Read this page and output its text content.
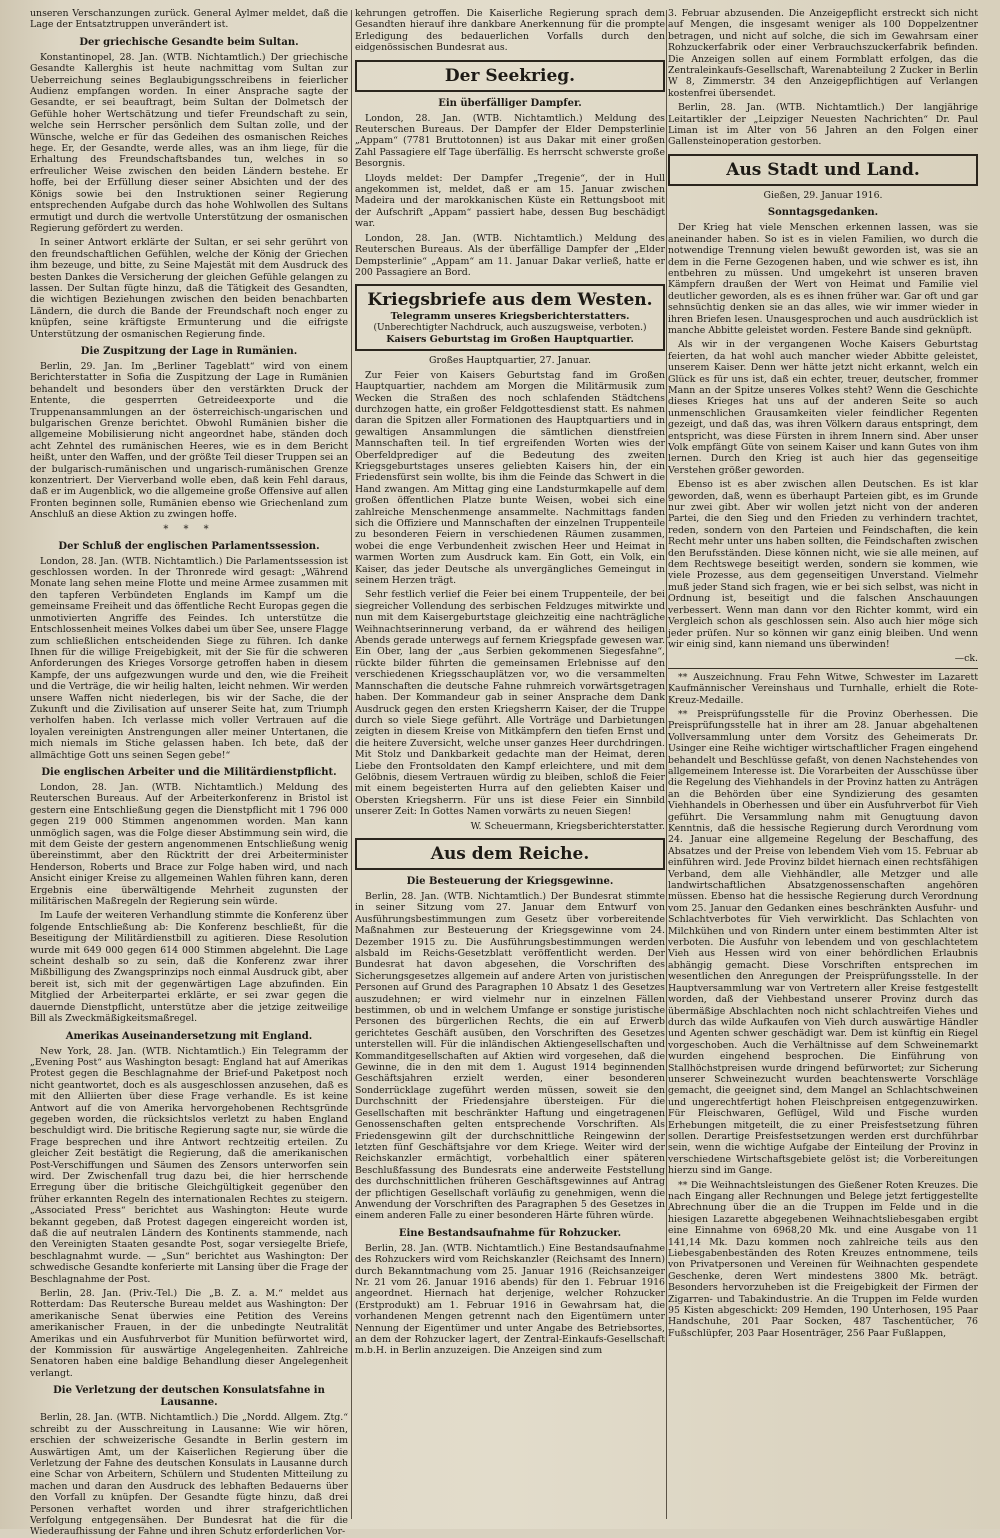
unseren Verschanzungen zurück. General Aylmer meldet, daß die Lage der Entsatztruppen unverändert ist.

Der griechische Gesandte beim Sultan.

Konstantinopel, 28. Jan. (WTB. Nichtamtlich.) Der griechische Gesandte Kallerghis ist heute nachmittag vom Sultan zur Ueberreichung seines Beglaubigungsschreibens in feierlicher Audienz empfangen worden. In einer Ansprache sagte der Gesandte, er sei beauftragt, beim Sultan der Dolmetsch der Gefühle hoher Wertschätzung und tiefer Freundschaft zu sein, welche sein Herrscher persönlich dem Sultan zolle, und der Wünsche, welche er für das Gedeihen des osmanischen Reiches hege. Er, der Gesandte, werde alles, was an ihm liege, für die Erhaltung des Freundschaftsbandes tun, welches in so erfreulicher Weise zwischen den beiden Ländern bestehe. Er hoffe, bei der Erfüllung dieser seiner Absichten und der des Königs sowie bei den Instruktionen seiner Regierung entsprechenden Aufgabe durch das hohe Wohlwollen des Sultans ermutigt und durch die wertvolle Unterstützung der osmanischen Regierung gefördert zu werden.

In seiner Antwort erklärte der Sultan, er sei sehr gerührt von den freundschaftlichen Gefühlen, welche der König der Griechen ihm bezeuge, und bitte, zu Seine Majestät mit dem Ausdruck des besten Dankes die Versicherung der gleichen Gefühle gelangen zu lassen. Der Sultan fügte hinzu, daß die Tätigkeit des Gesandten, die wichtigen Beziehungen zwischen den beiden benachbarten Ländern, die durch die Bande der Freundschaft noch enger zu knüpfen, seine kräftigste Ermunterung und die eifrigste Unterstützung der osmanischen Regierung finde.

Die Zuspitzung der Lage in Rumänien.

Berlin, 29. Jan. Im „Berliner Tageblatt“ wird von einem Berichterstatter in Sofia die Zuspitzung der Lage in Rumänien behandelt und besonders über den verstärkten Druck der Entente, die gesperrten Getreideexporte und die Truppenansammlungen an der österreichisch-ungarischen und bulgarischen Grenze berichtet. Obwohl Rumänien bisher die allgemeine Mobilisierung nicht angeordnet habe, ständen doch acht Zehntel des rumänischen Heeres, wie es in dem Bericht heißt, unter den Waffen, und der größte Teil dieser Truppen sei an der bulgarisch-rumänischen und ungarisch-rumänischen Grenze konzentriert. Der Vierverband wolle eben, daß kein Fehl daraus, daß er im Augenblick, wo die allgemeine große Offensive auf allen Fronten beginnen solle, Rumänien ebenso wie Griechenland zum Anschluß an diese Aktion zu zwingen hoffe.

* * *
Der Schluß der englischen Parlamentssession.

London, 28. Jan. (WTB. Nichtamtlich.) Die Parlamentssession ist geschlossen worden. In der Thronrede wird gesagt: „Während Monate lang sehen meine Flotte und meine Armee zusammen mit den tapferen Verbündeten Englands im Kampf um die gemeinsame Freiheit und das öffentliche Recht Europas gegen die unmotivierten Angriffe des Feindes. Ich unterstütze die Entschlossenheit meines Volkes dabei um über See, unsere Flagge zum schließlichen entscheidenden Siege zu führen. Ich danke Ihnen für die willige Freigebigkeit, mit der Sie für die schweren Anforderungen des Krieges Vorsorge getroffen haben in diesem Kampfe, der uns aufgezwungen wurde und den, wie die Freiheit und die Verträge, die wir heilig halten, leicht nehmen. Wir werden unsere Waffen nicht niederlegen, bis wir der Sache, die der Zukunft und die Zivilisation auf unserer Seite hat, zum Triumph verholfen haben. Ich verlasse mich voller Vertrauen auf die loyalen vereinigten Anstrengungen aller meiner Untertanen, die mich niemals im Stiche gelassen haben. Ich bete, daß der allmächtige Gott uns seinen Segen gebe!“

Die englischen Arbeiter und die Militärdienstpflicht.

London, 28. Jan. (WTB. Nichtamtlich.) Meldung des Reuterschen Bureaus. Auf der Arbeiterkonferenz in Bristol ist gestern eine Entschließung gegen die Dienstpflicht mit 1 796 000 gegen 219 000 Stimmen angenommen worden. Man kann unmöglich sagen, was die Folge dieser Abstimmung sein wird, die mit dem Geiste der gestern angenommenen Entschließung wenig übereinstimmt, aber den Rücktritt der drei Arbeiterminister Henderson, Roberts und Brace zur Folge haben wird, und nach Ansicht einiger Kreise zu allgemeinen Wahlen führen kann, deren Ergebnis eine überwältigende Mehrheit zugunsten der militärischen Maßregeln der Regierung sein würde.

Im Laufe der weiteren Verhandlung stimmte die Konferenz über folgende Entschließung ab: Die Konferenz beschließt, für die Beseitigung der Militärdienstbill zu agitieren. Diese Resolution wurde mit 649 000 gegen 614 000 Stimmen abgelehnt. Die Lage scheint deshalb so zu sein, daß die Konferenz zwar ihrer Mißbilligung des Zwangsprinzips noch einmal Ausdruck gibt, aber bereit ist, sich mit der gegenwärtigen Lage abzufinden. Ein Mitglied der Arbeiterpartei erklärte, er sei zwar gegen die dauernde Dienstpflicht, unterstütze aber die jetzige zeitweilige Bill als Zweckmäßigkeitsmaßregel.

Amerikas Auseinandersetzung mit England.

New York, 28. Jan. (WTB. Nichtamtlich.) Ein Telegramm der „Evening Post“ aus Washington besagt: England hat auf Amerikas Protest gegen die Beschlagnahme der Brief-und Paketpost noch nicht geantwortet, doch es als ausgeschlossen anzusehen, daß es mit den Alliierten über diese Frage verhandle. Es ist keine Antwort auf die von Amerika hervorgehobenen Rechtsgründe gegeben worden, die rücksichtslos verletzt zu haben England beschuldigt wird. Die britische Regierung sagte nur, sie würde die Frage besprechen und ihre Antwort rechtzeitig erteilen. Zu gleicher Zeit bestätigt die Regierung, daß die amerikanischen Post-Verschiffungen und Säumen des Zensors unterworfen sein wird. Der Zwischenfall trug dazu bei, die hier herrschende Erregung über die britische Gleichgültigkeit gegenüber den früher erkannten Regeln des internationalen Rechtes zu steigern. „Associated Press“ berichtet aus Washington: Heute wurde bekannt gegeben, daß Protest dagegen eingereicht worden ist, daß die auf neutralen Ländern des Kontinents stammende, nach den Vereinigten Staaten gesandte Post, sogar versiegelte Briefe, beschlagnahmt wurde. — „Sun“ berichtet aus Washington: Der schwedische Gesandte konferierte mit Lansing über die Frage der Beschlagnahme der Post.

Berlin, 28. Jan. (Priv.-Tel.) Die „B. Z. a. M.“ meldet aus Rotterdam: Das Reutersche Bureau meldet aus Washington: Der amerikanische Senat überwies eine Petition des Vereins amerikanischer Frauen, in der die unbedingte Neutralität Amerikas und ein Ausfuhrverbot für Munition befürwortet wird, der Kommission für auswärtige Angelegenheiten. Zahlreiche Senatoren haben eine baldige Behandlung dieser Angelegenheit verlangt.

Die Verletzung der deutschen Konsulatsfahne in Lausanne.

Berlin, 28. Jan. (WTB. Nichtamtlich.) Die „Nordd. Allgem. Ztg.“ schreibt zu der Ausschreitung in Lausanne: Wie wir hören, erschien der schweizerische Gesandte in Berlin gestern im Auswärtigen Amt, um der Kaiserlichen Regierung über die Verletzung der Fahne des deutschen Konsulats in Lausanne durch eine Schar von Arbeitern, Schülern und Studenten Mitteilung zu machen und daran den Ausdruck des lebhaften Bedauerns über den Vorfall zu knüpfen. Der Gesandte fügte hinzu, daß drei Personen verhaftet worden und ihrer strafgerichtlichen Verfolgung entgegensähen. Der Bundesrat hat die für die Wiederaufhissung der Fahne und ihren Schutz erforderlichen Vor-

kehrungen getroffen. Die Kaiserliche Regierung sprach dem Gesandten hierauf ihre dankbare Anerkennung für die prompte Erledigung des bedauerlichen Vorfalls durch den eidgenössischen Bundesrat aus.

Der Seekrieg.
Ein überfälliger Dampfer.

London, 28. Jan. (WTB. Nichtamtlich.) Meldung des Reuterschen Bureaus. Der Dampfer der Elder Dempsterlinie „Appam“ (7781 Bruttotonnen) ist aus Dakar mit einer großen Zahl Passagiere elf Tage überfällig. Es herrscht schwerste große Besorgnis.

Lloyds meldet: Der Dampfer „Tregenie“, der in Hull angekommen ist, meldet, daß er am 15. Januar zwischen Madeira und der marokkanischen Küste ein Rettungsboot mit der Aufschrift „Appam“ passiert habe, dessen Bug beschädigt war.

London, 28. Jan. (WTB. Nichtamtlich.) Meldung des Reuterschen Bureaus. Als der überfällige Dampfer der „Elder Dempsterlinie“ „Appam“ am 11. Januar Dakar verließ, hatte er 200 Passagiere an Bord.

Kriegsbriefe aus dem Westen.
Telegramm unseres Kriegsberichterstatters.
(Unberechtigter Nachdruck, auch auszugsweise, verboten.)
Kaisers Geburtstag im Großen Hauptquartier.
Großes Hauptquartier, 27. Januar.

Zur Feier von Kaisers Geburtstag fand im Großen Hauptquartier, nachdem am Morgen die Militärmusik zum Wecken die Straßen des noch schlafenden Städtchens durchzogen hatte, ein großer Feldgottesdienst statt. Es nahmen daran die Spitzen aller Formationen des Hauptquartiers und in gewaltigen Ansammlungen die sämtlichen dienstfreien Mannschaften teil. In tief ergreifenden Worten wies der Oberfeldprediger auf die Bedeutung des zweiten Kriegsgeburtstages unseres geliebten Kaisers hin, der ein Friedensfürst sein wollte, bis ihm die Feinde das Schwert in die Hand zwangen. Am Mittag ging eine Landsturmkapelle auf dem großen öffentlichen Platze bunte Weisen, wobei sich eine zahlreiche Menschenmenge ansammelte. Nachmittags fanden sich die Offiziere und Mannschaften der einzelnen Truppenteile zu besonderen Feiern in verschiedenen Räumen zusammen, wobei die enge Verbundenheit zwischen Heer und Heimat in warmen Worten zum Ausdruck kam. Ein Gott, ein Volk, ein Kaiser, das jeder Deutsche als unvergängliches Gemeingut in seinem Herzen trägt.

Sehr festlich verlief die Feier bei einem Truppenteile, der bei siegreicher Vollendung des serbischen Feldzuges mitwirkte und nun mit dem Kaisergeburtstage gleichzeitig eine nachträgliche Weihnachtserinnerung verband, da er während des heiligen Abends gerade unterwegs auf fernem Kriegspfade gewesen war. Ein Ober, lang der „aus Serbien gekommenen Siegesfahne“, rückte bilder führten die gemeinsamen Erlebnisse auf den verschiedenen Kriegsschauplätzen vor, wo die versammelten Mannschaften die deutsche Fahne ruhmreich vorwärtsgetragen haben. Der Kommandeur gab in seiner Ansprache dem Dank Ausdruck gegen den ersten Kriegsherrn Kaiser, der die Truppe durch so viele Siege geführt. Alle Vorträge und Darbietungen zeigten in diesem Kreise von Mitkämpfern den tiefen Ernst und die heitere Zuversicht, welche unser ganzes Heer durchdringen. Mit Stolz und Dankbarkeit gedachte man der Heimat, deren Liebe den Frontsoldaten den Kampf erleichtere, und mit dem Gelöbnis, diesem Vertrauen würdig zu bleiben, schloß die Feier mit einem begeisterten Hurra auf den geliebten Kaiser und Obersten Kriegsherrn. Für uns ist diese Feier ein Sinnbild unserer Zeit: In Gottes Namen vorwärts zu neuen Siegen!

W. Scheuermann, Kriegsberichterstatter.
Aus dem Reiche.
Die Besteuerung der Kriegsgewinne.

Berlin, 28. Jan. (WTB. Nichtamtlich.) Der Bundesrat stimmte in seiner Sitzung vom 27. Januar dem Entwurf von Ausführungsbestimmungen zum Gesetz über vorbereitende Maßnahmen zur Besteuerung der Kriegsgewinne vom 24. Dezember 1915 zu. Die Ausführungsbestimmungen werden alsbald im Reichs-Gesetzblatt veröffentlicht werden. Der Bundesrat hat davon abgesehen, die Vorschriften des Sicherungsgesetzes allgemein auf andere Arten von juristischen Personen auf Grund des Paragraphen 10 Absatz 1 des Gesetzes auszudehnen; er wird vielmehr nur in einzelnen Fällen bestimmen, ob und in welchem Umfange er sonstige juristische Personen des bürgerlichen Rechts, die ein auf Erwerb gerichtetes Geschäft ausüben, den Vorschriften des Gesetzes unterstellen will. Für die inländischen Aktiengesellschaften und Kommanditgesellschaften auf Aktien wird vorgesehen, daß die Gewinne, die in den mit dem 1. August 1914 beginnenden Geschäftsjahren erzielt werden, einer besonderen Sonderrücklage zugeführt werden müssen, soweit sie den Durchschnitt der Friedensjahre übersteigen. Für die Gesellschaften mit beschränkter Haftung und eingetragenen Genossenschaften gelten entsprechende Vorschriften. Als Friedensgewinn gilt der durchschnittliche Reingewinn der letzten fünf Geschäftsjahre vor dem Kriege. Weiter wird der Reichskanzler ermächtigt, vorbehaltlich einer späteren Beschlußfassung des Bundesrats eine anderweite Feststellung des durchschnittlichen früheren Geschäftsgewinnes auf Antrag der pflichtigen Gesellschaft vorläufig zu genehmigen, wenn die Anwendung der Vorschriften des Paragraphen 5 des Gesetzes in einem anderen Falle zu einer besonderen Härte führen würde.

Eine Bestandsaufnahme für Rohzucker.

Berlin, 28. Jan. (WTB. Nichtamtlich.) Eine Bestandsaufnahme des Rohzuckers wird vom Reichskanzler (Reichsamt des Innern) durch Bekanntmachung vom 25. Januar 1916 (Reichsanzeiger Nr. 21 vom 26. Januar 1916 abends) für den 1. Februar 1916 angeordnet. Hiernach hat derjenige, welcher Rohzucker (Erstprodukt) am 1. Februar 1916 in Gewahrsam hat, die vorhandenen Mengen getrennt nach den Eigentümern unter Nennung der Eigentümer und unter Angabe des Betriebsortes, an dem der Rohzucker lagert, der Zentral-Einkaufs-Gesellschaft m.b.H. in Berlin anzuzeigen. Die Anzeigen sind zum

3. Februar abzusenden. Die Anzeigepflicht erstreckt sich nicht auf Mengen, die insgesamt weniger als 100 Doppelzentner betragen, und nicht auf solche, die sich im Gewahrsam einer Rohzuckerfabrik oder einer Verbrauchszuckerfabrik befinden. Die Anzeigen sollen auf einem Formblatt erfolgen, das die Zentraleinkaufs-Gesellschaft, Warenabteilung 2 Zucker in Berlin W 8, Zimmerstr. 34 den Anzeigepflichtigen auf Verlangen kostenfrei übersendet.

Berlin, 28. Jan. (WTB. Nichtamtlich.) Der langjährige Leitartikler der „Leipziger Neuesten Nachrichten“ Dr. Paul Liman ist im Alter von 56 Jahren an den Folgen einer Gallensteinoperation gestorben.

Aus Stadt und Land.
Gießen, 29. Januar 1916.
Sonntagsgedanken.

Der Krieg hat viele Menschen erkennen lassen, was sie aneinander haben. So ist es in vielen Familien, wo durch die notwendige Trennung vielen bewußt geworden ist, was sie an dem in die Ferne Gezogenen haben, und wie schwer es ist, ihn entbehren zu müssen. Und umgekehrt ist unseren braven Kämpfern draußen der Wert von Heimat und Familie viel deutlicher geworden, als es es ihnen früher war. Gar oft und gar sehnsüchtig denken sie an das alles, wie wir immer wieder in ihren Briefen lesen. Unausgesprochen und auch ausdrücklich ist manche Abbitte geleistet worden. Festere Bande sind geknüpft.

Als wir in der vergangenen Woche Kaisers Geburtstag feierten, da hat wohl auch mancher wieder Abbitte geleistet, unserem Kaiser. Denn wer hätte jetzt nicht erkannt, welch ein Glück es für uns ist, daß ein echter, treuer, deutscher, frommer Mann an der Spitze unseres Volkes steht? Wenn die Geschichte dieses Krieges hat uns auf der anderen Seite so auch unmenschlichen Grausamkeiten vieler feindlicher Regenten gezeigt, und daß das, was ihren Völkern daraus entspringt, dem entspricht, was diese Fürsten in ihrem Innern sind. Aber unser Volk empfängt Güte von seinem Kaiser und kann Gutes von ihm lernen. Durch den Krieg ist auch hier das gegenseitige Verstehen größer geworden.

Ebenso ist es aber zwischen allen Deutschen. Es ist klar geworden, daß, wenn es überhaupt Parteien gibt, es im Grunde nur zwei gibt. Aber wir wollen jetzt nicht von der anderen Partei, die den Sieg und den Frieden zu verhindern trachtet, reden, sondern von den Parteien und Feindschaften, die kein Recht mehr unter uns haben sollten, die Feindschaften zwischen den Berufsständen. Diese können nicht, wie sie alle meinen, auf dem Rechtswege beseitigt werden, sondern sie kommen, wie viele Prozesse, aus dem gegenseitigen Unverstand. Vielmehr muß jeder Stand sich fragen, wie er bei sich selbst, was nicht in Ordnung ist, beseitigt und die falschen Anschauungen verbessert. Wenn man dann vor den Richter kommt, wird ein Vergleich schon als geschlossen sein. Also auch hier möge sich jeder prüfen. Nur so können wir ganz einig bleiben. Und wenn wir einig sind, kann niemand uns überwinden!

—ck.

** Auszeichnung. Frau Fehn Witwe, Schwester im Lazarett Kaufmännischer Vereinshaus und Turnhalle, erhielt die Rote-Kreuz-Medaille.

** Preisprüfungsstelle für die Provinz Oberhessen. Die Preisprüfungsstelle hat in ihrer am 28. Januar abgehaltenen Vollversammlung unter dem Vorsitz des Geheimerats Dr. Usinger eine Reihe wichtiger wirtschaftlicher Fragen eingehend behandelt und Beschlüsse gefaßt, von denen Nachstehendes von allgemeinem Interesse ist. Die Vorarbeiten der Ausschüsse über die Regelung des Viehhandels in der Provinz hatten zu Anträgen an die Behörden über eine Syndizierung des gesamten Viehhandels in Oberhessen und über ein Ausfuhrverbot für Vieh geführt. Die Versammlung nahm mit Genugtuung davon Kenntnis, daß die hessische Regierung durch Verordnung vom 24. Januar eine allgemeine Regelung der Beschaffung, des Absatzes und der Preise von lebendem Vieh vom 15. Februar ab einführen wird. Jede Provinz bildet hiernach einen rechtsfähigen Verband, dem alle Viehhändler, alle Metzger und alle landwirtschaftlichen Absatzgenossenschaften angehören müssen. Ebenso hat die hessische Regierung durch Verordnung vom 25. Januar den Gedanken eines beschränkten Ausfuhr- und Schlachtverbotes für Vieh verwirklicht. Das Schlachten von Milchkühen und von Rindern unter einem bestimmten Alter ist verboten. Die Ausfuhr von lebendem und von geschlachtetem Vieh aus Hessen wird von einer behördlichen Erlaubnis abhängig gemacht. Diese Vorschriften entsprechen im wesentlichen den Anregungen der Preisprüfungsstelle. In der Hauptversammlung war von Vertretern aller Kreise festgestellt worden, daß der Viehbestand unserer Provinz durch das übermäßige Abschlachten noch nicht schlachtreifen Viehes und durch das wilde Aufkaufen von Vieh durch auswärtige Händler und Agenten schwer geschädigt war. Dem ist künftig ein Riegel vorgeschoben. Auch die Verhältnisse auf dem Schweinemarkt wurden eingehend besprochen. Die Einführung von Stallhöchstpreisen wurde dringend befürwortet; zur Sicherung unserer Schweinezucht wurden beachtenswerte Vorschläge gemacht, die geeignet sind, dem Mangel an Schlachtschweinen und ungerechtfertigt hohen Fleischpreisen entgegenzuwirken. Für Fleischwaren, Geflügel, Wild und Fische wurden Erhebungen mitgeteilt, die zu einer Preisfestsetzung führen sollen. Derartige Preisfestsetzungen werden erst durchführbar sein, wenn die wichtige Aufgabe der Einteilung der Provinz in verschiedene Wirtschaftsgebiete gelöst ist; die Vorbereitungen hierzu sind im Gange.

** Die Weihnachtsleistungen des Gießener Roten Kreuzes. Die nach Eingang aller Rechnungen und Belege jetzt fertiggestellte Abrechnung über die an die Truppen im Felde und in die hiesigen Lazarette abgegebenen Weihnachtsliebesgaben ergibt eine Einnahme von 6968,20 Mk. und eine Ausgabe von 11 141,14 Mk. Dazu kommen noch zahlreiche teils aus den Liebesgabenbeständen des Roten Kreuzes entnommene, teils von Privatpersonen und Vereinen für Weihnachten gespendete Geschenke, deren Wert mindestens 3800 Mk. beträgt. Besonders hervorzuheben ist die Freigebigkeit der Firmen der Zigarren- und Tabakindustrie. An die Truppen im Felde wurden 95 Kisten abgeschickt: 209 Hemden, 190 Unterhosen, 195 Paar Handschuhe, 201 Paar Socken, 487 Taschentücher, 76 Fußschlüpfer, 203 Paar Hosenträger, 256 Paar Fußlappen,
